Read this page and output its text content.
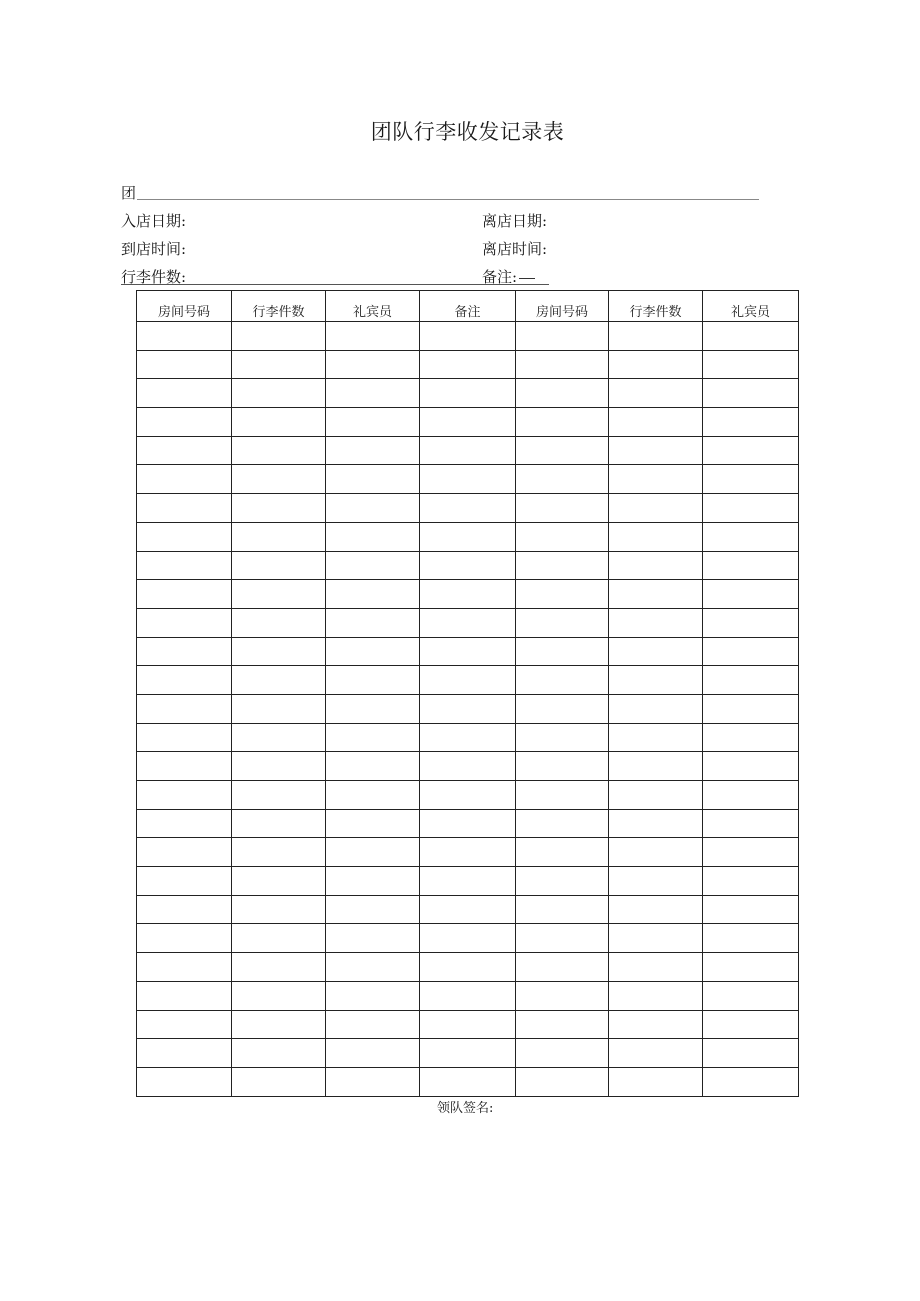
团队行李收发记录表
团
入店日期:	离店日期:
到店时间:	离店时间:
行李件数:	备注:
房间号码	行李件数	礼宾员	备注	房间号码	行李件数	礼宾员

领队签名:
